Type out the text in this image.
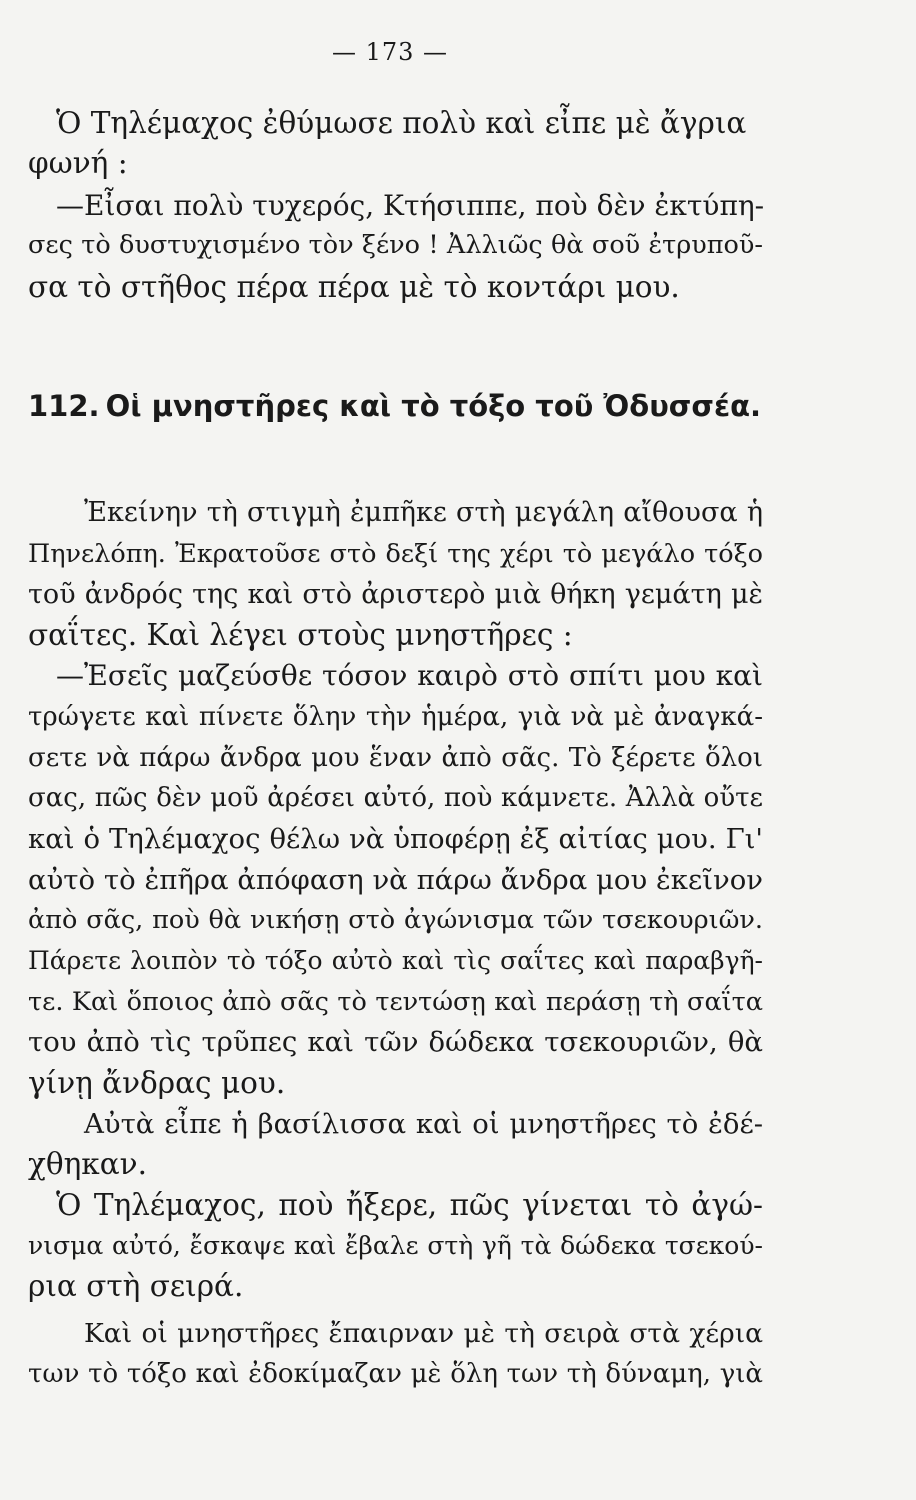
— 173 —
Ὁ Τηλέμαχος ἐθύμωσε πολὺ καὶ εἶπε μὲ ἄγρια
φωνή :
—Εἶσαι πολὺ τυχερός, Κτήσιππε, ποὺ δὲν ἐκτύπη-
σες τὸ δυστυχισμένο τὸν ξένο ! Ἀλλιῶς θὰ σοῦ ἐτρυποῦ-
σα τὸ στῆθος πέρα πέρα μὲ τὸ κοντάρι μου.
112. Οἱ μνηστῆρες καὶ τὸ τόξο τοῦ Ὀδυσσέα.
Ἐκείνην τὴ στιγμὴ ἐμπῆκε στὴ μεγάλη αἴθουσα ἡ
Πηνελόπη. Ἐκρατοῦσε στὸ δεξί της χέρι τὸ μεγάλο τόξο
τοῦ ἀνδρός της καὶ στὸ ἀριστερὸ μιὰ θήκη γεμάτη μὲ
σαΐτες. Καὶ λέγει στοὺς μνηστῆρες :
—Ἐσεῖς μαζεύσθε τόσον καιρὸ στὸ σπίτι μου καὶ
τρώγετε καὶ πίνετε ὅλην τὴν ἡμέρα, γιὰ νὰ μὲ ἀναγκά-
σετε νὰ πάρω ἄνδρα μου ἕναν ἀπὸ σᾶς. Τὸ ξέρετε ὅλοι
σας, πῶς δὲν μοῦ ἀρέσει αὐτό, ποὺ κάμνετε. Ἀλλὰ οὔτε
καὶ ὁ Τηλέμαχος θέλω νὰ ὑποφέρῃ ἐξ αἰτίας μου. Γι'
αὐτὸ τὸ ἐπῆρα ἀπόφαση νὰ πάρω ἄνδρα μου ἐκεῖνον
ἀπὸ σᾶς, ποὺ θὰ νικήσῃ στὸ ἀγώνισμα τῶν τσεκουριῶν.
Πάρετε λοιπὸν τὸ τόξο αὐτὸ καὶ τὶς σαΐτες καὶ παραβγῆ-
τε. Καὶ ὅποιος ἀπὸ σᾶς τὸ τεντώσῃ καὶ περάσῃ τὴ σαΐτα
του ἀπὸ τὶς τρῦπες καὶ τῶν δώδεκα τσεκουριῶν, θὰ
γίνῃ ἄνδρας μου.
Αὐτὰ εἶπε ἡ βασίλισσα καὶ οἱ μνηστῆρες τὸ ἐδέ-
χθηκαν.
Ὁ Τηλέμαχος, ποὺ ἤξερε, πῶς γίνεται τὸ ἀγώ-
νισμα αὐτό, ἔσκαψε καὶ ἔβαλε στὴ γῆ τὰ δώδεκα τσεκού-
ρια στὴ σειρά.
Καὶ οἱ μνηστῆρες ἔπαιρναν μὲ τὴ σειρὰ στὰ χέρια
των τὸ τόξο καὶ ἐδοκίμαζαν μὲ ὅλη των τὴ δύναμη, γιὰ
